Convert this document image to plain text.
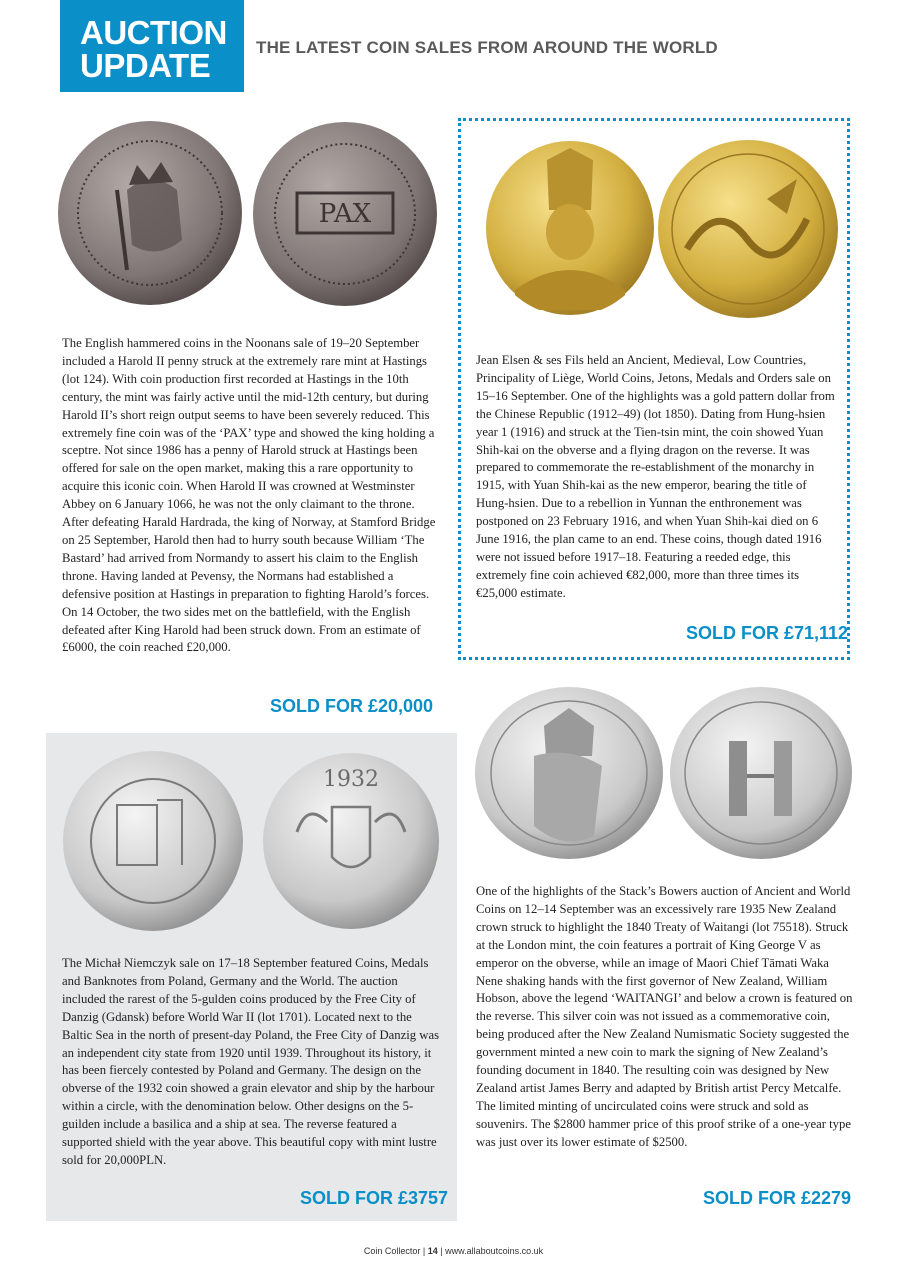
AUCTION
UPDATE	THE LATEST COIN SALES FROM AROUND THE WORLD
PAX
The English hammered coins in the Noonans sale of 19–20 September included a Harold II penny struck at the extremely rare mint at Hastings (lot 124). With coin production first recorded at Hastings in the 10th century, the mint was fairly active until the mid-12th century, but during Harold II’s short reign output seems to have been severely reduced. This extremely fine coin was of the ‘PAX’ type and showed the king holding a sceptre. Not since 1986 has a penny of Harold struck at Hastings been offered for sale on the open market, making this a rare opportunity to acquire this iconic coin. When Harold II was crowned at Westminster Abbey on 6 January 1066, he was not the only claimant to the throne. After defeating Harald Hardrada, the king of Norway, at Stamford Bridge on 25 September, Harold then had to hurry south because William ‘The Bastard’ had arrived from Normandy to assert his claim to the English throne. Having landed at Pevensy, the Normans had established a defensive position at Hastings in preparation to fighting Harold’s forces. On 14 October, the two sides met on the battlefield, with the English defeated after King Harold had been struck down. From an estimate of £6000, the coin reached £20,000.
SOLD FOR £20,000
Jean Elsen & ses Fils held an Ancient, Medieval, Low Countries, Principality of Liège, World Coins, Jetons, Medals and Orders sale on 15–16 September. One of the highlights was a gold pattern dollar from the Chinese Republic (1912–49) (lot 1850). Dating from Hung-hsien year 1 (1916) and struck at the Tien-tsin mint, the coin showed Yuan Shih-kai on the obverse and a flying dragon on the reverse. It was prepared to commemorate the re-establishment of the monarchy in 1915, with Yuan Shih-kai as the new emperor, bearing the title of Hung-hsien. Due to a rebellion in Yunnan the enthronement was postponed on 23 February 1916, and when Yuan Shih-kai died on 6 June 1916, the plan came to an end. These coins, though dated 1916 were not issued before 1917–18. Featuring a reeded edge, this extremely fine coin achieved €82,000, more than three times its €25,000 estimate.
SOLD FOR £71,112
1932
The Michał Niemczyk sale on 17–18 September featured Coins, Medals and Banknotes from Poland, Germany and the World. The auction included the rarest of the 5-gulden coins produced by the Free City of Danzig (Gdansk) before World War II (lot 1701). Located next to the Baltic Sea in the north of present-day Poland, the Free City of Danzig was an independent city state from 1920 until 1939. Throughout its history, it has been fiercely contested by Poland and Germany. The design on the obverse of the 1932 coin showed a grain elevator and ship by the harbour within a circle, with the denomination below. Other designs on the 5-guilden include a basilica and a ship at sea. The reverse featured a supported shield with the year above. This beautiful copy with mint lustre sold for 20,000PLN.
SOLD FOR £3757
One of the highlights of the Stack’s Bowers auction of Ancient and World Coins on 12–14 September was an excessively rare 1935 New Zealand crown struck to highlight the 1840 Treaty of Waitangi (lot 75518). Struck at the London mint, the coin features a portrait of King George V as emperor on the obverse, while an image of Maori Chief Tāmati Waka Nene shaking hands with the first governor of New Zealand, William Hobson, above the legend ‘WAITANGI’ and below a crown is featured on the reverse. This silver coin was not issued as a commemorative coin, being produced after the New Zealand Numismatic Society suggested the government minted a new coin to mark the signing of New Zealand’s founding document in 1840. The resulting coin was designed by New Zealand artist James Berry and adapted by British artist Percy Metcalfe. The limited minting of uncirculated coins were struck and sold as souvenirs. The $2800 hammer price of this proof strike of a one-year type was just over its lower estimate of $2500.
SOLD FOR £2279
Coin Collector | 14 | www.allaboutcoins.co.uk
